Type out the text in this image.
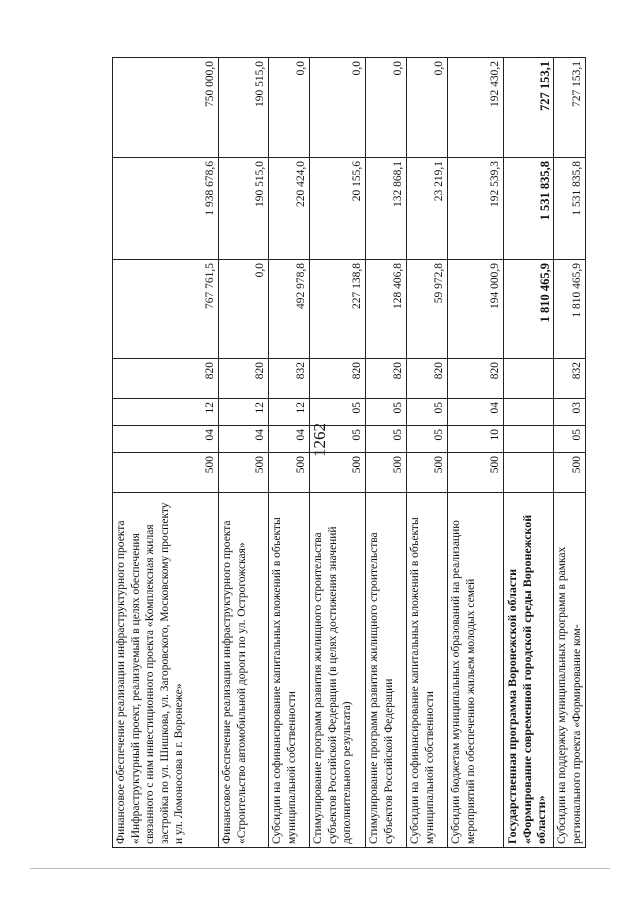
1262
Финансовое обеспечение реализации инфраструктурного проекта «Инфраструктурный проект, реализуемый в целях обеспечения связанного с ним инвестиционного проекта «Комплексная жилая застройка по ул. Шишкова, ул. Загоровского, Московскому проспекту и ул. Ломоносова в г. Воронеже»	500	04	12	820	767 761,5	1 938 678,6	750 000,0
Финансовое обеспечение реализации инфраструктурного проекта «Строительство автомобильной дороги по ул. Острогожская»	500	04	12	820	0,0	190 515,0	190 515,0
Субсидии на софинансирование капитальных вложений в объекты муниципальной собственности	500	04	12	832	492 978,8	220 424,0	0,0
Стимулирование программ развития жилищного строительства субъектов Российской Федерации (в целях достижения значений дополнительного результата)	500	05	05	820	227 138,8	20 155,6	0,0
Стимулирование программ развития жилищного строительства субъектов Российской Федерации	500	05	05	820	128 406,8	132 868,1	0,0
Субсидии на софинансирование капитальных вложений в объекты муниципальной собственности	500	05	05	820	59 972,8	23 219,1	0,0
Субсидии бюджетам муниципальных образований на реализацию мероприятий по обеспечению жильем молодых семей	500	10	04	820	194 000,9	192 539,3	192 430,2
Государственная программа Воронежской области «Формирование современной городской среды Воронежской области»					1 810 465,9	1 531 835,8	727 153,1
Субсидии на поддержку муниципальных программ в рамках регионального проекта «Формирование ком-	500	05	03	832	1 810 465,9	1 531 835,8	727 153,1
